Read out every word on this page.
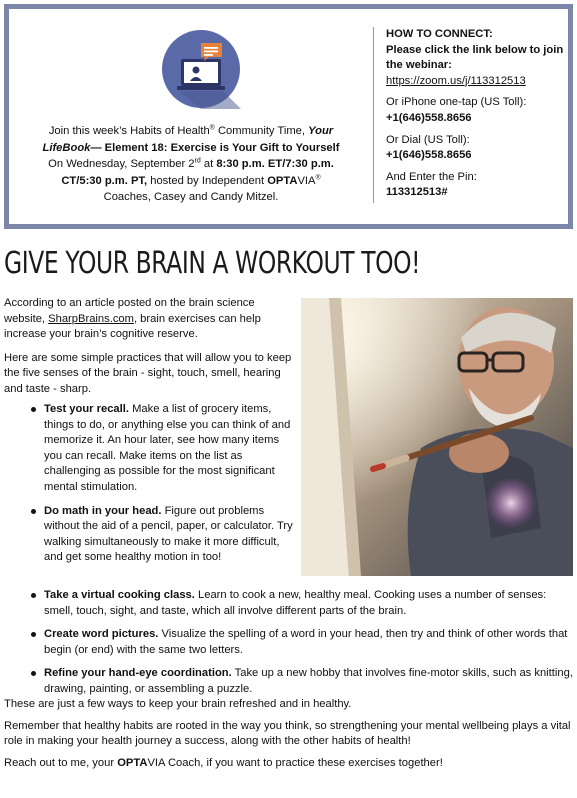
Join this week’s Habits of Health® Community Time, Your
LifeBook— Element 18: Exercise is Your Gift to Yourself
On Wednesday, September 2rd at 8:30 p.m. ET/7:30 p.m.
CT/5:30 p.m. PT, hosted by Independent OPTAVIA®
Coaches, Casey and Candy Mitzel.
HOW TO CONNECT:
Please click the link below to join the webinar:
https://zoom.us/j/113312513
Or iPhone one-tap (US Toll):
+1(646)558.8656
Or Dial (US Toll):
+1(646)558.8656
And Enter the Pin:
113312513#
GIVE YOUR BRAIN A WORKOUT TOO!

According to an article posted on the brain science website, SharpBrains.com, brain exercises can help increase your brain’s cognitive reserve.

Here are some simple practices that will allow you to keep the five senses of the brain - sight, touch, smell, hearing and taste - sharp.

Test your recall. Make a list of grocery items, things to do, or anything else you can think of and memorize it. An hour later, see how many items you can recall. Make items on the list as challenging as possible for the most significant mental stimulation.
Do math in your head. Figure out problems without the aid of a pencil, paper, or calculator. Try walking simultaneously to make it more difficult, and get some healthy motion in too!
Take a virtual cooking class. Learn to cook a new, healthy meal. Cooking uses a number of senses: smell, touch, sight, and taste, which all involve different parts of the brain.
Create word pictures. Visualize the spelling of a word in your head, then try and think of other words that begin (or end) with the same two letters.
Refine your hand-eye coordination. Take up a new hobby that involves fine-motor skills, such as knitting, drawing, painting, or assembling a puzzle.

These are just a few ways to keep your brain refreshed and in healthy.

Remember that healthy habits are rooted in the way you think, so strengthening your mental wellbeing plays a vital role in making your health journey a success, along with the other habits of health!

Reach out to me, your OPTAVIA Coach, if you want to practice these exercises together!
